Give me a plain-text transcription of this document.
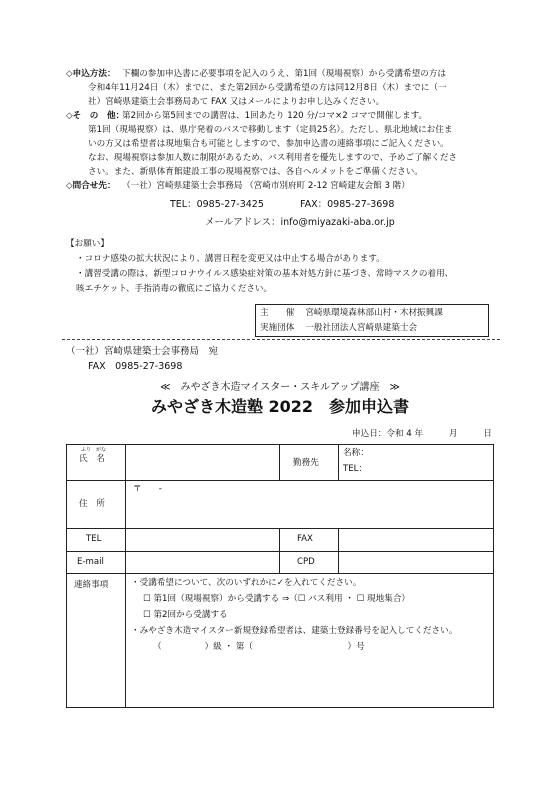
◇申込方法： 下欄の参加申込書に必要事項を記入のうえ、第1回（現場視察）から受講希望の方は
令和4年11月24日（木）までに、また第2回から受講希望の方は同12月8日（木）までに（一
社）宮崎県建築士会事務局あて FAX 又はメールによりお申し込みください。
◇そ　の　他：
第2回から第5回までの講習は、1回あたり 120 分/コマ×2 コマで開催します。
第1回（現場視察）は、県庁発着のバスで移動します（定員25名）。ただし、県北地域にお住ま
いの方又は希望者は現地集合も可能としますので、参加申込書の連絡事項にご記入ください。
なお、現場視察は参加人数に制限があるため、バス利用者を優先しますので、予めご了解くださ
さい。また、新県体育館建設工事の現場視察では、各自ヘルメットをご準備ください。
◇問合せ先： （一社）宮崎県建築士会事務局 （宮崎市別府町 2-12 宮崎建友会館 3 階）
TEL：0985-27-3425	FAX：0985-27-3698
メールアドレス：info@miyazaki-aba.or.jp
【お願い】
・コロナ感染の拡大状況により、講習日程を変更又は中止する場合があります。
・講習受講の際は、新型コロナウイルス感染症対策の基本対処方針に基づき、常時マスクの着用、
咳エチケット、手指消毒の徹底にご協力ください。
主　　催 宮崎県環境森林部山村・木材振興課
実施団体 一般社団法人宮崎県建築士会
（一社）宮崎県建築士会事務局　宛
FAX　0985-27-3698
≪　みやざき木造マイスター・スキルアップ講座　≫
みやざき木造塾 2022　参加申込書
申込日：令和 4 年　　　月　　　日
ふり　がな
氏　名	勤務先
名称：
TEL：
住　所
〒　　-
TEL	FAX
E-mail	CPD
連絡事項	・受講希望について、次のいずれかに✓を入れてください。
☐ 第1回（現場視察）から受講する ⇒（☐ バス利用 ・ ☐ 現地集合）
☐ 第2回から受講する
・みやざき木造マイスター新規登録希望者は、建築士登録番号を記入してください。
（　　　　　）級 ・ 第（　　　　　　　　　　　）号
